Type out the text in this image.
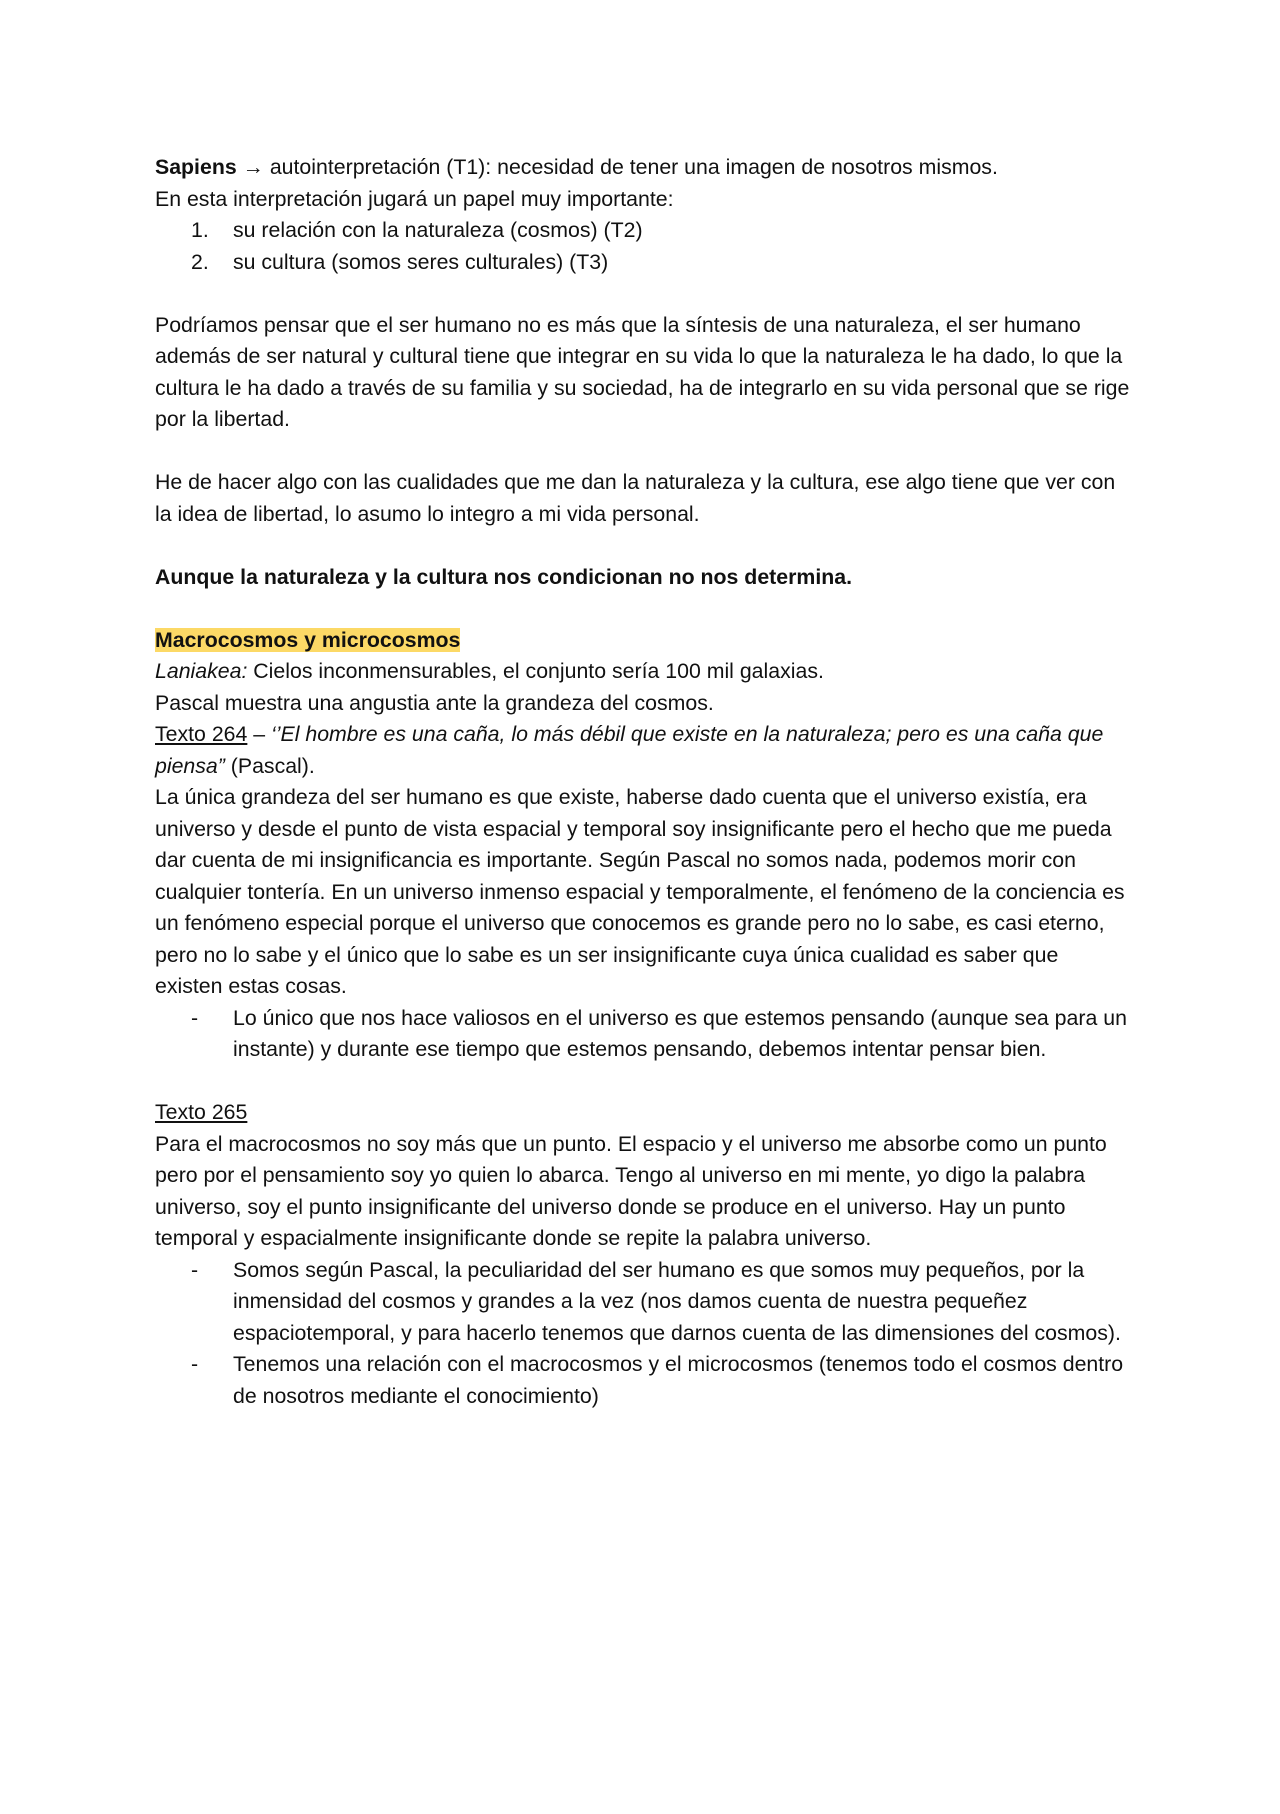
Sapiens → autointerpretación (T1): necesidad de tener una imagen de nosotros mismos.

En esta interpretación jugará un papel muy importante:

1. su relación con la naturaleza (cosmos) (T2)
2. su cultura (somos seres culturales) (T3)

Podríamos pensar que el ser humano no es más que la síntesis de una naturaleza, el ser humano además de ser natural y cultural tiene que integrar en su vida lo que la naturaleza le ha dado, lo que la cultura le ha dado a través de su familia y su sociedad, ha de integrarlo en su vida personal que se rige por la libertad.

He de hacer algo con las cualidades que me dan la naturaleza y la cultura, ese algo tiene que ver con la idea de libertad, lo asumo lo integro a mi vida personal.

Aunque la naturaleza y la cultura nos condicionan no nos determina.

Macrocosmos y microcosmos

Laniakea: Cielos inconmensurables, el conjunto sería 100 mil galaxias.

Pascal muestra una angustia ante la grandeza del cosmos.

Texto 264 – ‘’El hombre es una caña, lo más débil que existe en la naturaleza; pero es una caña que piensa” (Pascal).

La única grandeza del ser humano es que existe, haberse dado cuenta que el universo existía, era universo y desde el punto de vista espacial y temporal soy insignificante pero el hecho que me pueda dar cuenta de mi insignificancia es importante. Según Pascal no somos nada, podemos morir con cualquier tontería. En un universo inmenso espacial y temporalmente, el fenómeno de la conciencia es un fenómeno especial porque el universo que conocemos es grande pero no lo sabe, es casi eterno, pero no lo sabe y el único que lo sabe es un ser insignificante cuya única cualidad es saber que existen estas cosas.

- Lo único que nos hace valiosos en el universo es que estemos pensando (aunque sea para un instante) y durante ese tiempo que estemos pensando, debemos intentar pensar bien.

Texto 265

Para el macrocosmos no soy más que un punto. El espacio y el universo me absorbe como un punto pero por el pensamiento soy yo quien lo abarca. Tengo al universo en mi mente, yo digo la palabra universo, soy el punto insignificante del universo donde se produce en el universo. Hay un punto temporal y espacialmente insignificante donde se repite la palabra universo.

- Somos según Pascal, la peculiaridad del ser humano es que somos muy pequeños, por la inmensidad del cosmos y grandes a la vez (nos damos cuenta de nuestra pequeñez espaciotemporal, y para hacerlo tenemos que darnos cuenta de las dimensiones del cosmos).
- Tenemos una relación con el macrocosmos y el microcosmos (tenemos todo el cosmos dentro de nosotros mediante el conocimiento)
